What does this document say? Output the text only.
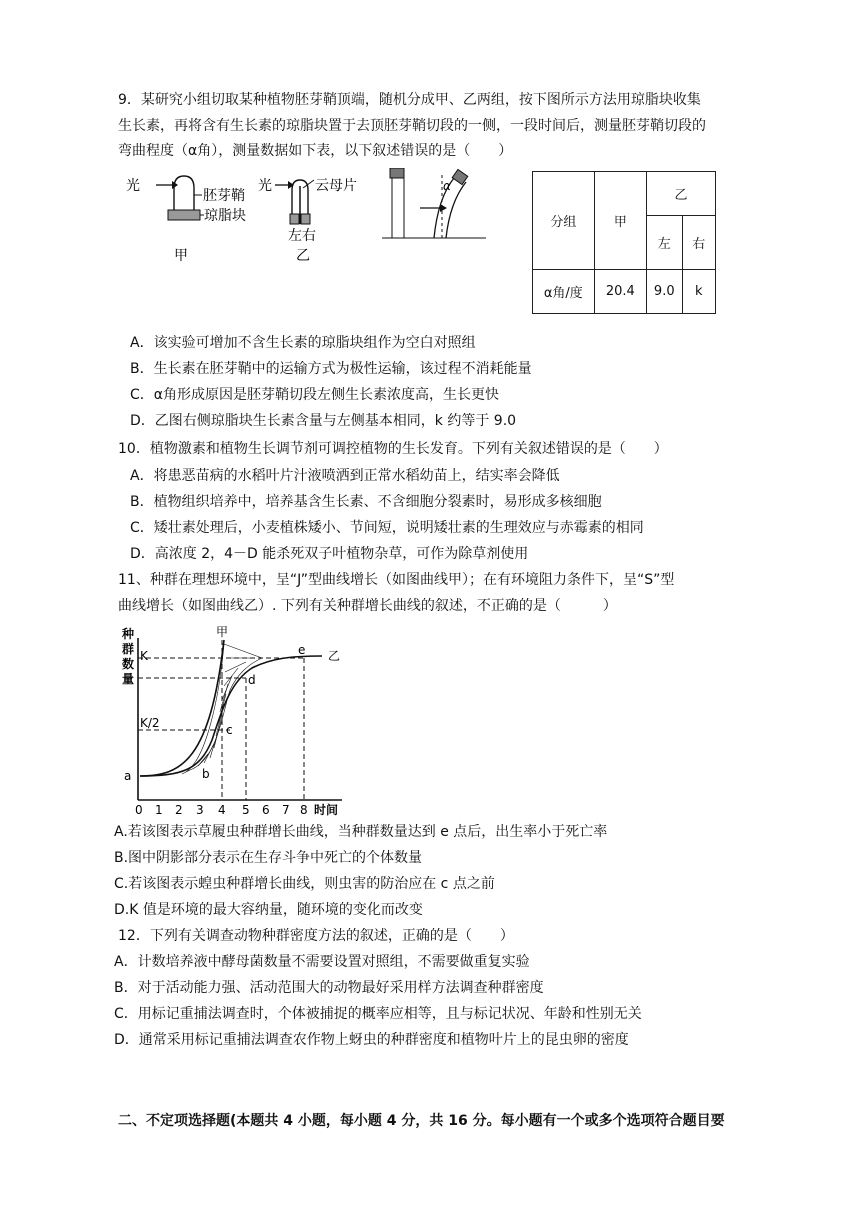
9．某研究小组切取某种植物胚芽鞘顶端，随机分成甲、乙两组，按下图所示方法用琼脂块收集
生长素，再将含有生长素的琼脂块置于去顶胚芽鞘切段的一侧，一段时间后，测量胚芽鞘切段的
弯曲程度（α角），测量数据如下表，以下叙述错误的是（　　）
光
胚芽鞘
琼脂块
甲
光	云母片
左右
乙
α
分组	甲	乙	
		左	右
α角/度	20.4	9.0	k
A．该实验可增加不含生长素的琼脂块组作为空白对照组
B．生长素在胚芽鞘中的运输方式为极性运输，该过程不消耗能量
C．α角形成原因是胚芽鞘切段左侧生长素浓度高，生长更快
D．乙图右侧琼脂块生长素含量与左侧基本相同，k 约等于 9.0
10．植物激素和植物生长调节剂可调控植物的生长发育。下列有关叙述错误的是（　　）
A．将患恶苗病的水稻叶片汁液喷洒到正常水稻幼苗上，结实率会降低
B．植物组织培养中，培养基含生长素、不含细胞分裂素时，易形成多核细胞
C．矮壮素处理后，小麦植株矮小、节间短，说明矮壮素的生理效应与赤霉素的相同
D．高浓度 2，4－D 能杀死双子叶植物杂草，可作为除草剂使用
11、种群在理想环境中，呈“J”型曲线增长（如图曲线甲）；在有环境阻力条件下，呈“S”型
曲线增长（如图曲线乙）. 下列有关种群增长曲线的叙述，不正确的是（　　　）
种
群
数
量
K
K/2
甲
乙
a	b
c
d
e
0 1 2 3 4 5 6 7 8 时间
A.若该图表示草履虫种群增长曲线，当种群数量达到 e 点后，出生率小于死亡率
B.图中阴影部分表示在生存斗争中死亡的个体数量
C.若该图表示蝗虫种群增长曲线，则虫害的防治应在 c 点之前
D.K 值是环境的最大容纳量，随环境的变化而改变
12．下列有关调查动物种群密度方法的叙述，正确的是（　　）
A．计数培养液中酵母菌数量不需要设置对照组，不需要做重复实验
B．对于活动能力强、活动范围大的动物最好采用样方法调查种群密度
C．用标记重捕法调查时，个体被捕捉的概率应相等，且与标记状况、年龄和性别无关
D．通常采用标记重捕法调查农作物上蚜虫的种群密度和植物叶片上的昆虫卵的密度
二、不定项选择题(本题共 4 小题，每小题 4 分，共 16 分。每小题有一个或多个选项符合题目要
